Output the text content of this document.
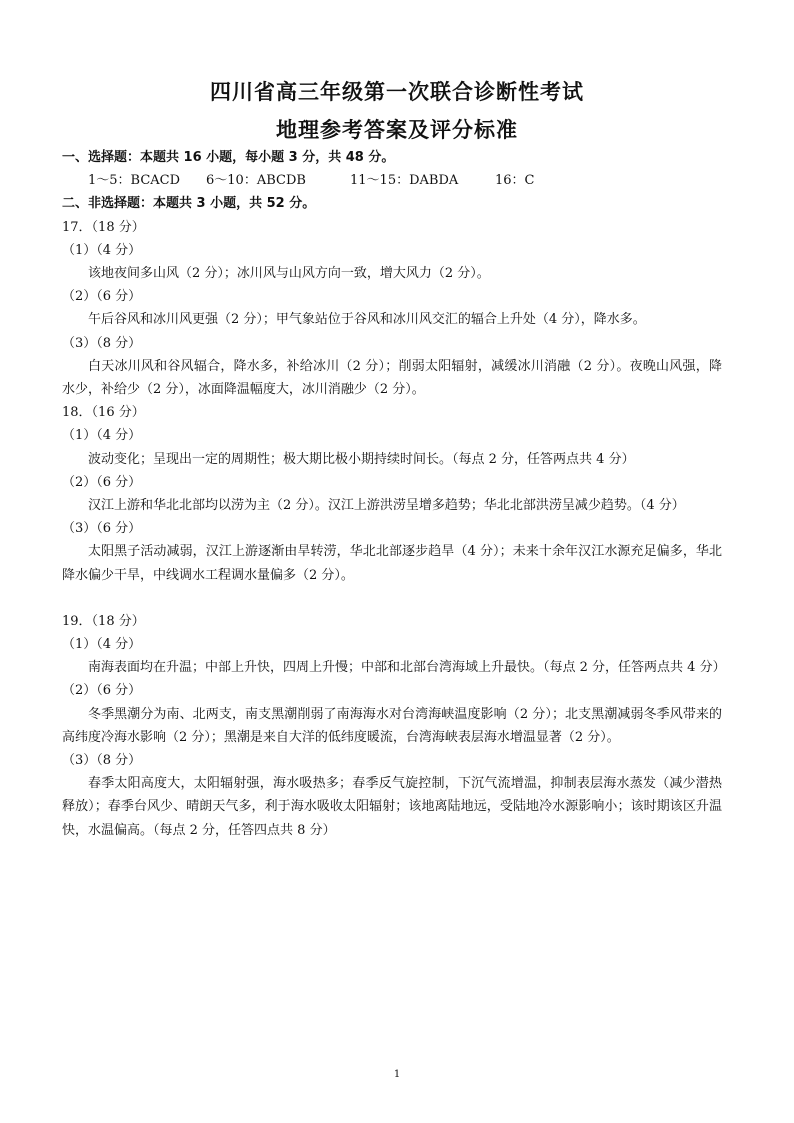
四川省高三年级第一次联合诊断性考试
地理参考答案及评分标准
一、选择题：本题共 16 小题，每小题 3 分，共 48 分。
1～5：BCACD 6～10：ABCDB	11～15：DABDA	16：C
二、非选择题：本题共 3 小题，共 52 分。
17．（18 分）
（1）（4 分）
该地夜间多山风（2 分）；冰川风与山风方向一致，增大风力（2 分）。
（2）（6 分）
午后谷风和冰川风更强（2 分）；甲气象站位于谷风和冰川风交汇的辐合上升处（4 分），降水多。
（3）（8 分）
白天冰川风和谷风辐合，降水多，补给冰川（2 分）；削弱太阳辐射，减缓冰川消融（2 分）。夜晚山风强，降水少，补给少（2 分），冰面降温幅度大，冰川消融少（2 分）。
18．（16 分）
（1）（4 分）
波动变化；呈现出一定的周期性；极大期比极小期持续时间长。（每点 2 分，任答两点共 4 分）
（2）（6 分）
汉江上游和华北北部均以涝为主（2 分）。汉江上游洪涝呈增多趋势；华北北部洪涝呈减少趋势。（4 分）
（3）（6 分）
太阳黑子活动减弱，汉江上游逐渐由旱转涝，华北北部逐步趋旱（4 分）；未来十余年汉江水源充足偏多，华北降水偏少干旱，中线调水工程调水量偏多（2 分）。
19．（18 分）
（1）（4 分）
南海表面均在升温；中部上升快，四周上升慢；中部和北部台湾海域上升最快。（每点 2 分，任答两点共 4 分）
（2）（6 分）
冬季黑潮分为南、北两支，南支黑潮削弱了南海海水对台湾海峡温度影响（2 分）；北支黑潮减弱冬季风带来的高纬度冷海水影响（2 分）；黑潮是来自大洋的低纬度暖流，台湾海峡表层海水增温显著（2 分）。
（3）（8 分）
春季太阳高度大，太阳辐射强，海水吸热多；春季反气旋控制，下沉气流增温，抑制表层海水蒸发（减少潜热释放）；春季台风少、晴朗天气多，利于海水吸收太阳辐射；该地离陆地远，受陆地冷水源影响小；该时期该区升温快，水温偏高。（每点 2 分，任答四点共 8 分）
1
